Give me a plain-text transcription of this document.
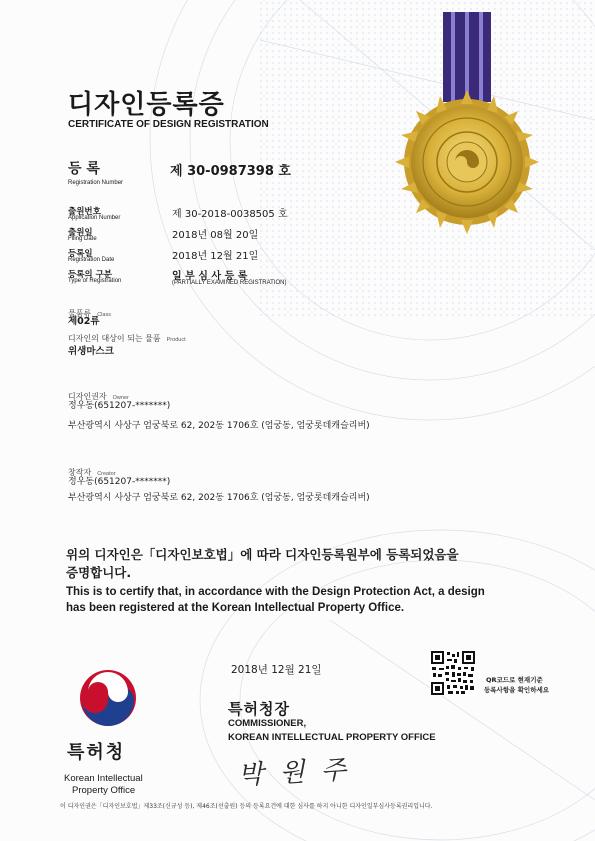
디자인등록증
CERTIFICATE OF DESIGN REGISTRATION
등 록
Registration Number
제 30-0987398 호
출원번호
Application Number	제 30-2018-0038505 호
출원일
Filing Date	2018년 08월 20일
등록일
Registration Date	2018년 12월 21일
등록의 구분
Type of Registration	일 부 심 사 등 록
(PARTIALLY EXAMINED REGISTRATION)
물품류 Class
제02류
디자인의 대상이 되는 물품 Product
위생마스크
디자인권자 Owner
정우동(651207-*******)
부산광역시 사상구 엄궁북로 62, 202동 1706호 (엄궁동, 엄궁롯데캐슬리버)
창작자 Creator
정우동(651207-*******)
부산광역시 사상구 엄궁북로 62, 202동 1706호 (엄궁동, 엄궁롯데캐슬리버)
위의 디자인은「디자인보호법」에 따라 디자인등록원부에 등록되었음을
증명합니다.
This is to certify that, in accordance with the Design Protection Act, a design
has been registered at the Korean Intellectual Property Office.
2018년 12월 21일
QR코드로 현재기준
등록사항을 확인하세요
특허청장
COMMISSIONER,
KOREAN INTELLECTUAL PROPERTY OFFICE
박 원 주
특허청
Korean Intellectual
Property Office
이 디자인권은「디자인보호법」제33조(신규성 등), 제46조(선출원) 등의 등록요건에 대한 심사를 하지 아니한 디자인일부심사등록권리입니다.
